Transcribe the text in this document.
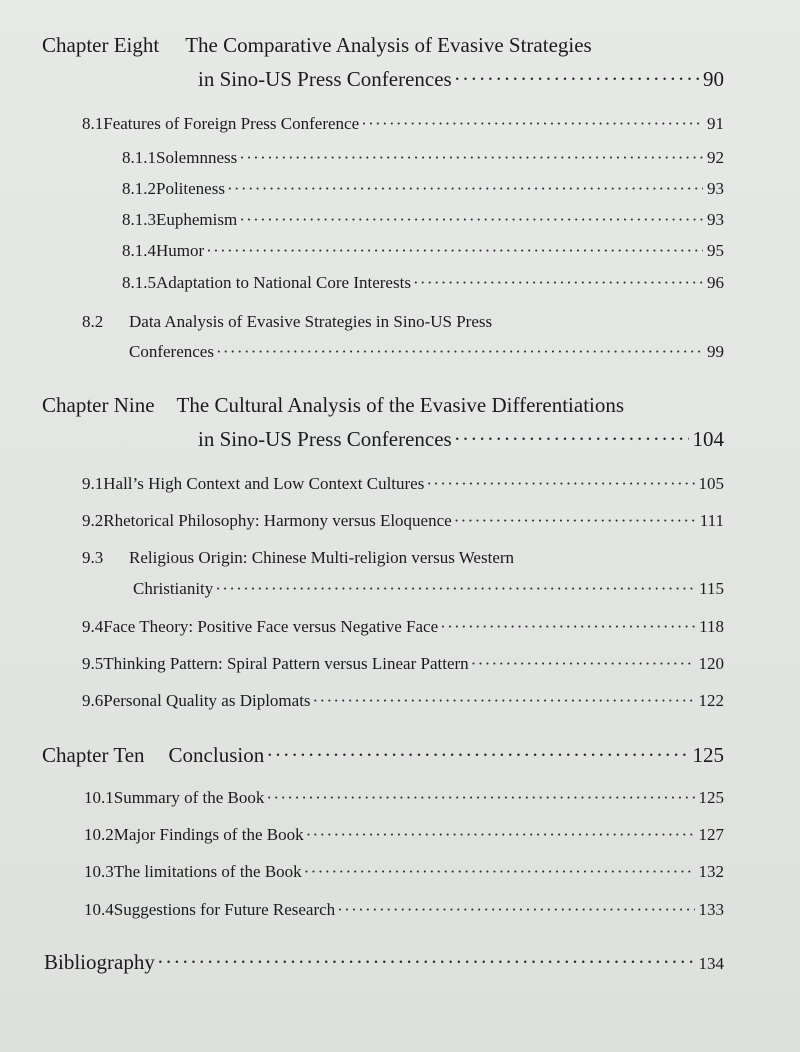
Chapter Eight The Comparative Analysis of Evasive Strategies
in Sino-US Press Conferences ·····	90
8.1 Features of Foreign Press Conference ·····	91
8.1.1 Solemnness ·····	92
8.1.2 Politeness ·····	93
8.1.3 Euphemism ·····	93
8.1.4 Humor ·····	95
8.1.5 Adaptation to National Core Interests ·····	96
8.2	Data Analysis of Evasive Strategies in Sino-US Press
Conferences ·····	99
Chapter Nine The Cultural Analysis of the Evasive Differentiations
in Sino-US Press Conferences ·····	104
9.1 Hall’s High Context and Low Context Cultures ·····	105
9.2 Rhetorical Philosophy: Harmony versus Eloquence ·····	111
9.3	Religious Origin: Chinese Multi-religion versus Western
Christianity ·····	115
9.4 Face Theory: Positive Face versus Negative Face ·····	118
9.5 Thinking Pattern: Spiral Pattern versus Linear Pattern ·····	120
9.6 Personal Quality as Diplomats ·····	122
Chapter Ten Conclusion ·····	125
10.1 Summary of the Book ·····	125
10.2 Major Findings of the Book ·····	127
10.3 The limitations of the Book ·····	132
10.4 Suggestions for Future Research ·····	133
Bibliography ·····	134
